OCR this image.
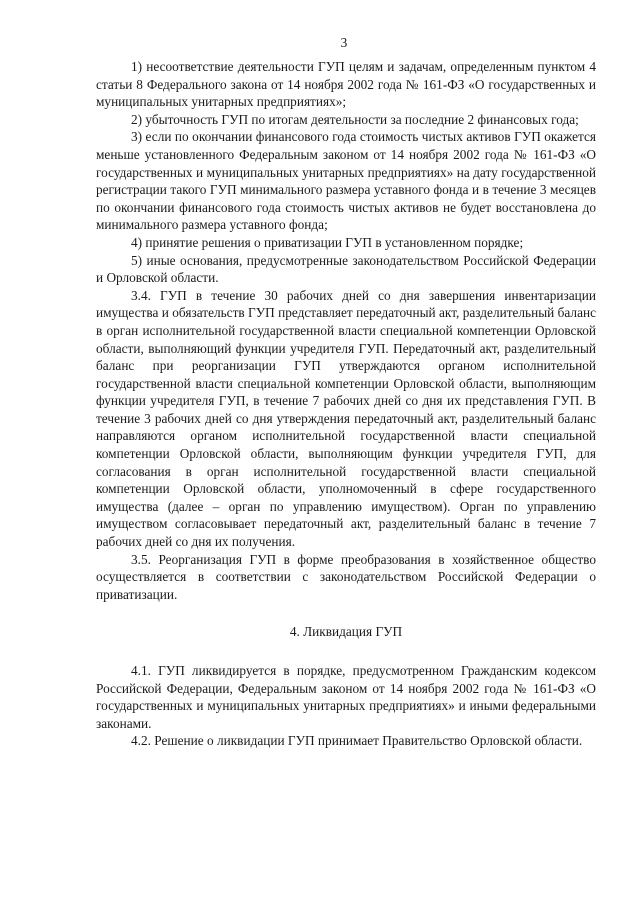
3

1) несоответствие деятельности ГУП целям и задачам, определенным пунктом 4 статьи 8 Федерального закона от 14 ноября 2002 года № 161-ФЗ «О государственных и муниципальных унитарных предприятиях»;

2) убыточность ГУП по итогам деятельности за последние 2 финансовых года;

3) если по окончании финансового года стоимость чистых активов ГУП окажется меньше установленного Федеральным законом от 14 ноября 2002 года № 161-ФЗ «О государственных и муниципальных унитарных предприятиях» на дату государственной регистрации такого ГУП минимального размера уставного фонда и в течение 3 месяцев по окончании финансового года стоимость чистых активов не будет восстановлена до минимального размера уставного фонда;

4) принятие решения о приватизации ГУП в установленном порядке;

5) иные основания, предусмотренные законодательством Российской Федерации и Орловской области.

3.4. ГУП в течение 30 рабочих дней со дня завершения инвентаризации имущества и обязательств ГУП представляет передаточный акт, разделительный баланс в орган исполнительной государственной власти специальной компетенции Орловской области, выполняющий функции учредителя ГУП. Передаточный акт, разделительный баланс при реорганизации ГУП утверждаются органом исполнительной государственной власти специальной компетенции Орловской области, выполняющим функции учредителя ГУП, в течение 7 рабочих дней со дня их представления ГУП. В течение 3 рабочих дней со дня утверждения передаточный акт, разделительный баланс направляются органом исполнительной государственной власти специальной компетенции Орловской области, выполняющим функции учредителя ГУП, для согласования в орган исполнительной государственной власти специальной компетенции Орловской области, уполномоченный в сфере государственного имущества (далее – орган по управлению имуществом). Орган по управлению имуществом согласовывает передаточный акт, разделительный баланс в течение 7 рабочих дней со дня их получения.

3.5. Реорганизация ГУП в форме преобразования в хозяйственное общество осуществляется в соответствии с законодательством Российской Федерации о приватизации.

4. Ликвидация ГУП

4.1. ГУП ликвидируется в порядке, предусмотренном Гражданским кодексом Российской Федерации, Федеральным законом от 14 ноября 2002 года № 161-ФЗ «О государственных и муниципальных унитарных предприятиях» и иными федеральными законами.

4.2. Решение о ликвидации ГУП принимает Правительство Орловской области.
